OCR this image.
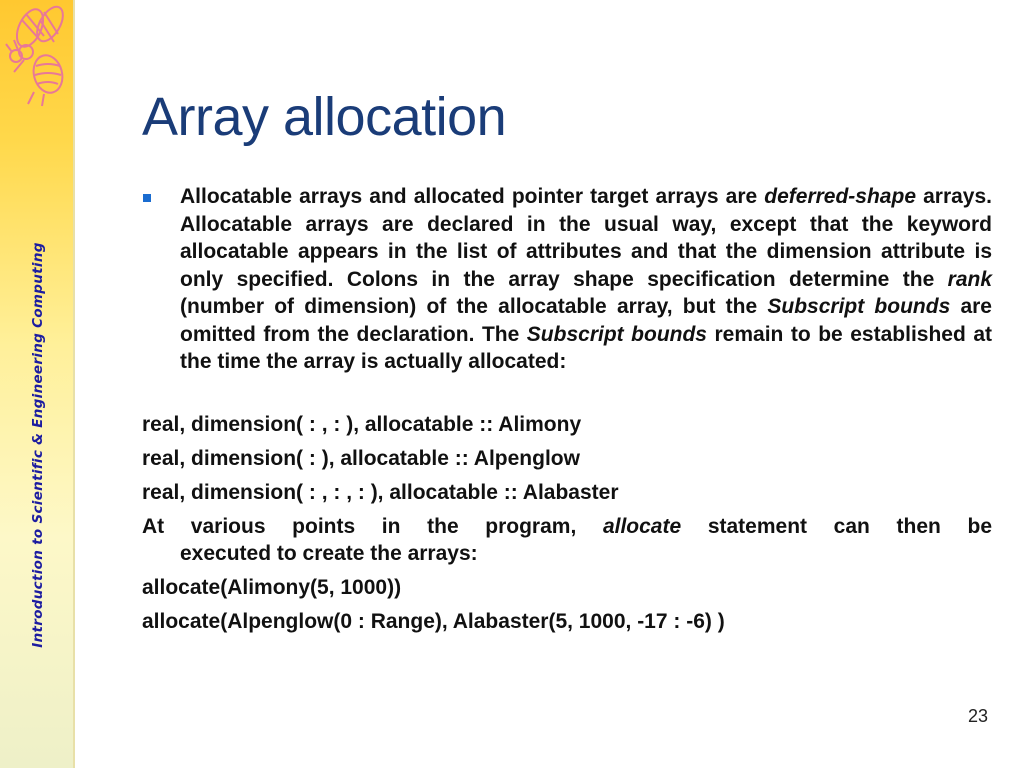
Introduction to Scientific & Engineering Computing
Array allocation
Allocatable arrays and allocated pointer target arrays are deferred-shape arrays. Allocatable arrays are declared in the usual way, except that the keyword allocatable appears in the list of attributes and that the dimension attribute is only specified. Colons in the array shape specification determine the rank (number of dimension) of the allocatable array, but the Subscript bounds are omitted from the declaration. The Subscript bounds remain to be established at the time the array is actually allocated:
real, dimension( : , : ), allocatable :: Alimony
real, dimension( : ), allocatable :: Alpenglow
real, dimension( : , : , : ), allocatable :: Alabaster
At various points in the program, allocate statement can then be
executed to create the arrays:
allocate(Alimony(5, 1000))
allocate(Alpenglow(0 : Range), Alabaster(5, 1000, -17 : -6) )
23
